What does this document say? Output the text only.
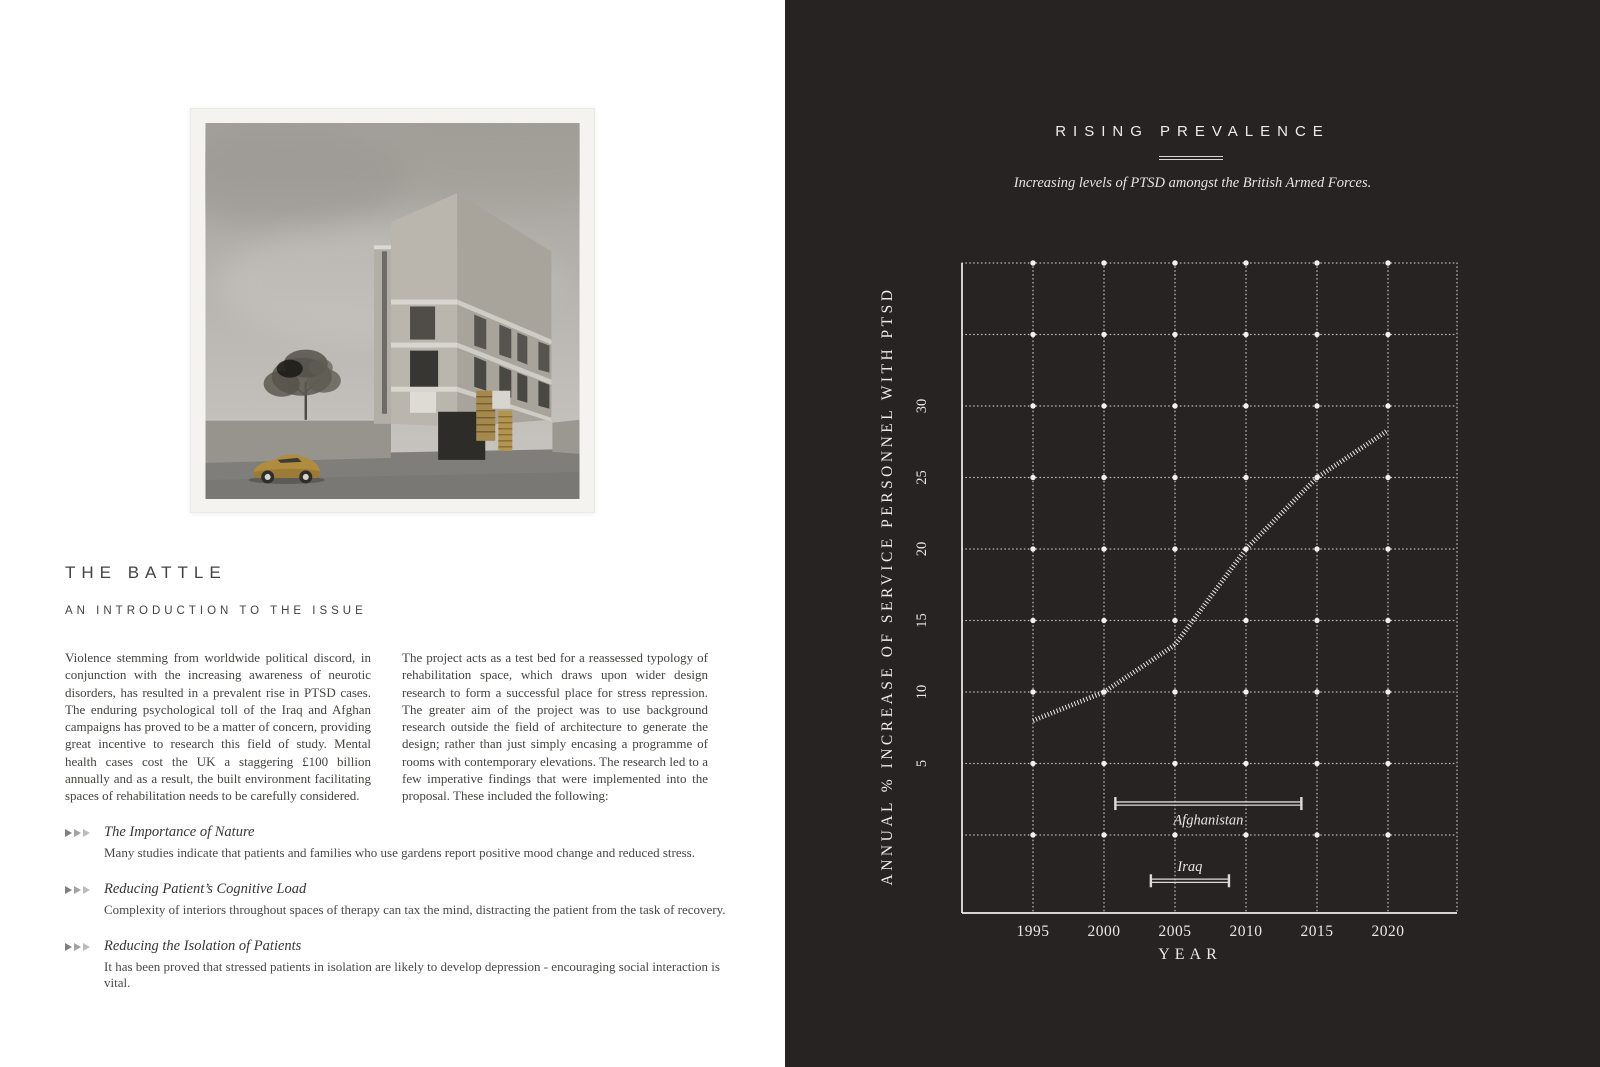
THE BATTLE
AN INTRODUCTION TO THE ISSUE
Violence stemming from worldwide political discord, in conjunction with the increasing awareness of neurotic disorders, has resulted in a prevalent rise in PTSD cases. The enduring psychological toll of the Iraq and Afghan campaigns has proved to be a matter of concern, providing great incentive to research this field of study. Mental health cases cost the UK a staggering £100 billion annually and as a result, the built environment facilitating spaces of rehabilitation needs to be carefully considered.
The project acts as a test bed for a reassessed typology of rehabilitation space, which draws upon wider design research to form a successful place for stress repression. The greater aim of the project was to use background research outside the field of architecture to generate the design; rather than just simply encasing a programme of rooms with contemporary elevations. The research led to a few imperative findings that were implemented into the proposal. These included the following:
The Importance of Nature
Many studies indicate that patients and families who use gardens report positive mood change and reduced stress.
Reducing Patient’s Cognitive Load
Complexity of interiors throughout spaces of therapy can tax the mind, distracting the patient from the task of recovery.
Reducing the Isolation of Patients
It has been proved that stressed patients in isolation are likely to develop depression - encouraging social interaction is vital.
RISING PREVALENCE
Increasing levels of PTSD amongst the British Armed Forces.
5
10
15
20
25
30
1995 2000 2005 2010 2015 2020
Afghanistan
Iraq
ANNUAL % INCREASE OF SERVICE PERSONNEL WITH PTSD
YEAR
